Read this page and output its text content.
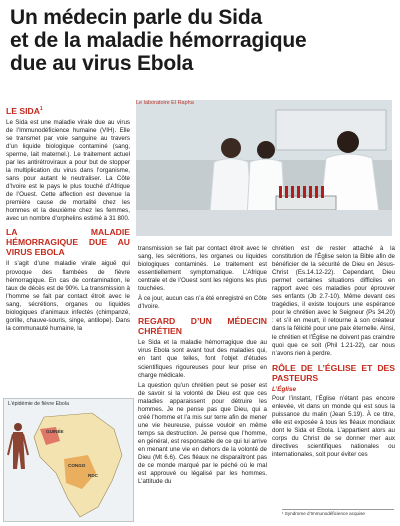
Un médecin parle du Sida
et de la maladie hémorragique
due au virus Ebola
Le laboratoire El Rapha
LE SIDA$^1$

Le Sida est une maladie virale due au virus de l’Immunodéficience humaine (VIH). Elle se transmet par voie sanguine au travers d’un liquide biologique contaminé (sang, sperme, lait maternel.). Le traitement actuel par les antirétroviraux a pour but de stopper la multiplication du virus dans l’organisme, sans pour autant le neutraliser. La Côte d’Ivoire est le pays le plus touché d’Afrique de l’Ouest. Cette affection est devenue la première cause de mortalité chez les hommes et la deuxième chez les femmes, avec un nombre d’orphelins estimé à 31 800.

LA MALADIE HÉMORRAGIQUE DUE AU VIRUS EBOLA

Il s’agit d’une maladie virale aiguë qui provoque des flambées de fièvre hémorragique. En cas de contamination, le taux de décès est de 90%. La transmission à l’homme se fait par contact étroit avec le sang, sécrétions, organes ou liquides biologiques d’animaux infectés (chimpanzé, gorille, chauve-souris, singe, antilope). Dans la communauté humaine, la

L’épidémie de fièvre Ebola
GUINÉE
CONGO
RDC

transmission se fait par contact étroit avec le sang, les sécrétions, les organes ou liquides biologiques contaminés. Le traitement est essentiellement symptomatique. L’Afrique centrale et de l’Ouest sont les régions les plus touchées.

À ce jour, aucun cas n’a été enregistré en Côte d’Ivoire.

REGARD D’UN MÉDECIN CHRÉTIEN

Le Sida et la maladie hémorragique due au virus Ebola sont avant tout des maladies qui, en tant que telles, font l’objet d’études scientifiques rigoureuses pour leur prise en charge médicale.

La question qu’un chrétien peut se poser est de savoir si la volonté de Dieu est que ces maladies apparaissent pour détruire les hommes. Je ne pense pas que Dieu, qui a créé l’homme et l’a mis sur terre afin de mener une vie heureuse, puisse vouloir en même temps sa destruction. Je pense que l’homme, en général, est responsable de ce qui lui arrive en menant une vie en dehors de la volonté de Dieu (Mt 6.6). Ces fléaux ne disparaîtront pas de ce monde marqué par le péché où le mal est approuvé ou légalisé par les hommes. L’attitude du

chrétien est de rester attaché à la constitution de l’Église selon la Bible afin de bénéficier de la sécurité de Dieu en Jésus-Christ (Es.14.12-22). Cependant, Dieu permet certaines situations difficiles en rapport avec ces maladies pour éprouver ses enfants (Jb 2.7-10). Même devant ces tragédies, il existe toujours une espérance pour le chrétien avec le Seigneur (Ps 34.20) : et s’il en meurt, il retourne à son créateur dans la félicité pour une paix éternelle. Ainsi, le chrétien et l’Église ne doivent pas craindre quoi que ce soit (Phil 1.21-22), car nous n’avons rien à perdre.

RÔLE DE L’ÉGLISE ET DES PASTEURS
L’Église

Pour l’instant, l’Église n’étant pas encore enlevée, vit dans un monde qui est sous la puissance du malin (Jean 5.19). À ce titre, elle est exposée à tous les fléaux mondiaux dont le Sida et Ebola. L’appartient alors au corps du Christ de se donner mer aux directives scientifiques nationales ou internationales, soit pour éviter ces

¹ Syndrome d’Immunodéficience acquise
